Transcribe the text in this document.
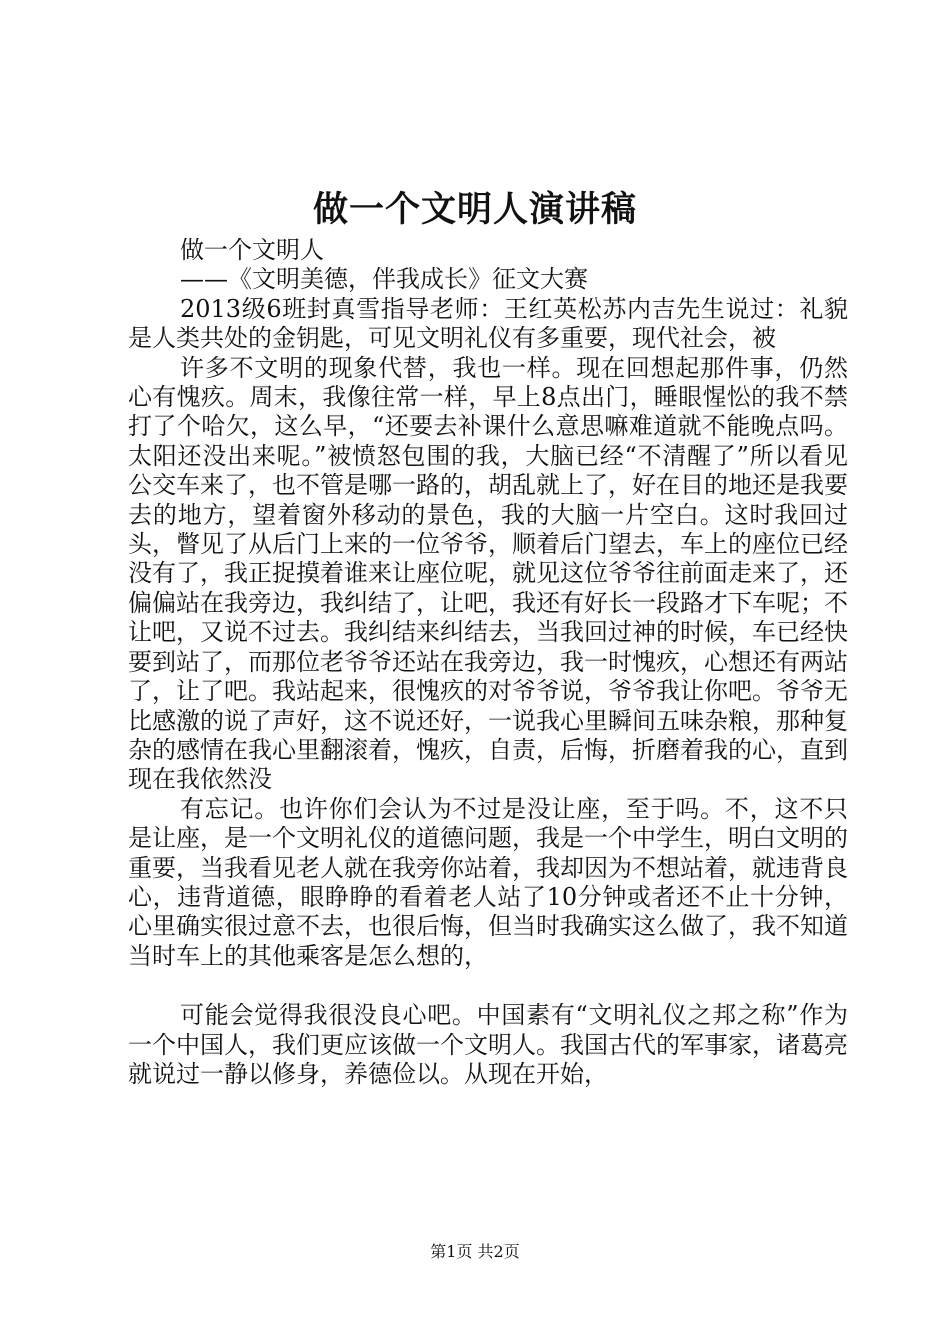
做一个文明人演讲稿

做一个文明人

——《文明美德，伴我成长》征文大赛

2013级6班封真雪指导老师：王红英松苏内吉先生说过：礼貌是人类共处的金钥匙，可见文明礼仪有多重要，现代社会，被

许多不文明的现象代替，我也一样。现在回想起那件事，仍然心有愧疚。周末，我像往常一样，早上8点出门，睡眼惺忪的我不禁打了个哈欠，这么早，“还要去补课什么意思嘛难道就不能晚点吗。太阳还没出来呢。”被愤怒包围的我，大脑已经“不清醒了”所以看见公交车来了，也不管是哪一路的，胡乱就上了，好在目的地还是我要去的地方，望着窗外移动的景色，我的大脑一片空白。这时我回过头，瞥见了从后门上来的一位爷爷，顺着后门望去，车上的座位已经没有了，我正捉摸着谁来让座位呢，就见这位爷爷往前面走来了，还偏偏站在我旁边，我纠结了，让吧，我还有好长一段路才下车呢；不让吧，又说不过去。我纠结来纠结去，当我回过神的时候，车已经快要到站了，而那位老爷爷还站在我旁边，我一时愧疚，心想还有两站了，让了吧。我站起来，很愧疚的对爷爷说，爷爷我让你吧。爷爷无比感激的说了声好，这不说还好，一说我心里瞬间五味杂粮，那种复杂的感情在我心里翻滚着，愧疚，自责，后悔，折磨着我的心，直到现在我依然没

有忘记。也许你们会认为不过是没让座，至于吗。不，这不只是让座，是一个文明礼仪的道德问题，我是一个中学生，明白文明的重要，当我看见老人就在我旁你站着，我却因为不想站着，就违背良心，违背道德，眼睁睁的看着老人站了10分钟或者还不止十分钟，心里确实很过意不去，也很后悔，但当时我确实这么做了，我不知道当时车上的其他乘客是怎么想的，

可能会觉得我很没良心吧。中国素有“文明礼仪之邦之称”作为一个中国人，我们更应该做一个文明人。我国古代的军事家，诸葛亮就说过一静以修身，养德俭以。从现在开始，

第1页 共2页
